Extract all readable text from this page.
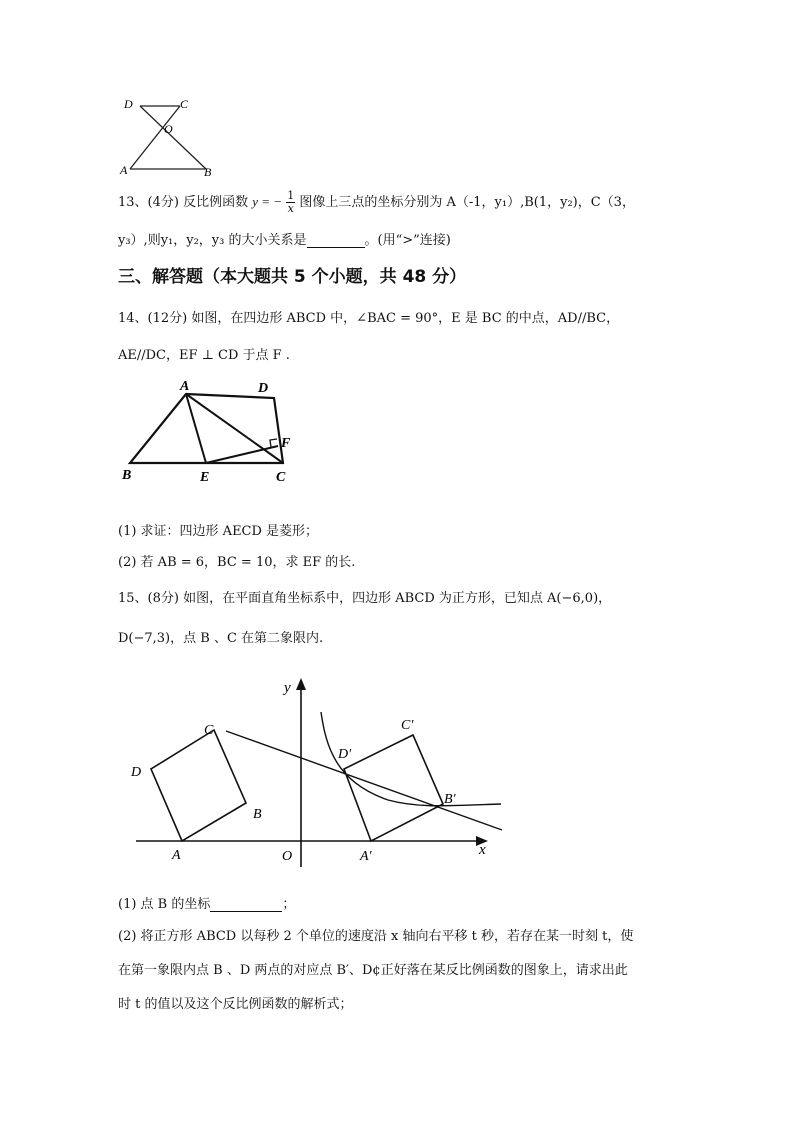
D	C
O
A	B
13、(4分) 反比例函数 y = − $\frac{1}{x}$ 图像上三点的坐标分别为 A（-1，y₁）,B(1，y₂)，C（3，
y₃）,则y₁，y₂，y₃ 的大小关系是	。(用“>”连接)
三、解答题（本大题共 5 个小题，共 48 分）
14、(12分) 如图，在四边形 ABCD 中，∠BAC = 90°，E 是 BC 的中点，AD//BC，
AE//DC，EF ⊥ CD 于点 F .
A	D
F
B	E	C
(1) 求证：四边形 AECD 是菱形；
(2) 若 AB = 6，BC = 10，求 EF 的长.
15、(8分) 如图，在平面直角坐标系中，四边形 ABCD 为正方形，已知点 A(−6,0)，
D(−7,3)，点 B 、C 在第二象限内.
y
C
D
B
A	O	x
D′
C′
B′
A′
(1) 点 B 的坐标	；
(2) 将正方形 ABCD 以每秒 2 个单位的速度沿 x 轴向右平移 t 秒，若存在某一时刻 t，使
在第一象限内点 B 、D 两点的对应点 B′、D¢正好落在某反比例函数的图象上，请求出此
时 t 的值以及这个反比例函数的解析式；
